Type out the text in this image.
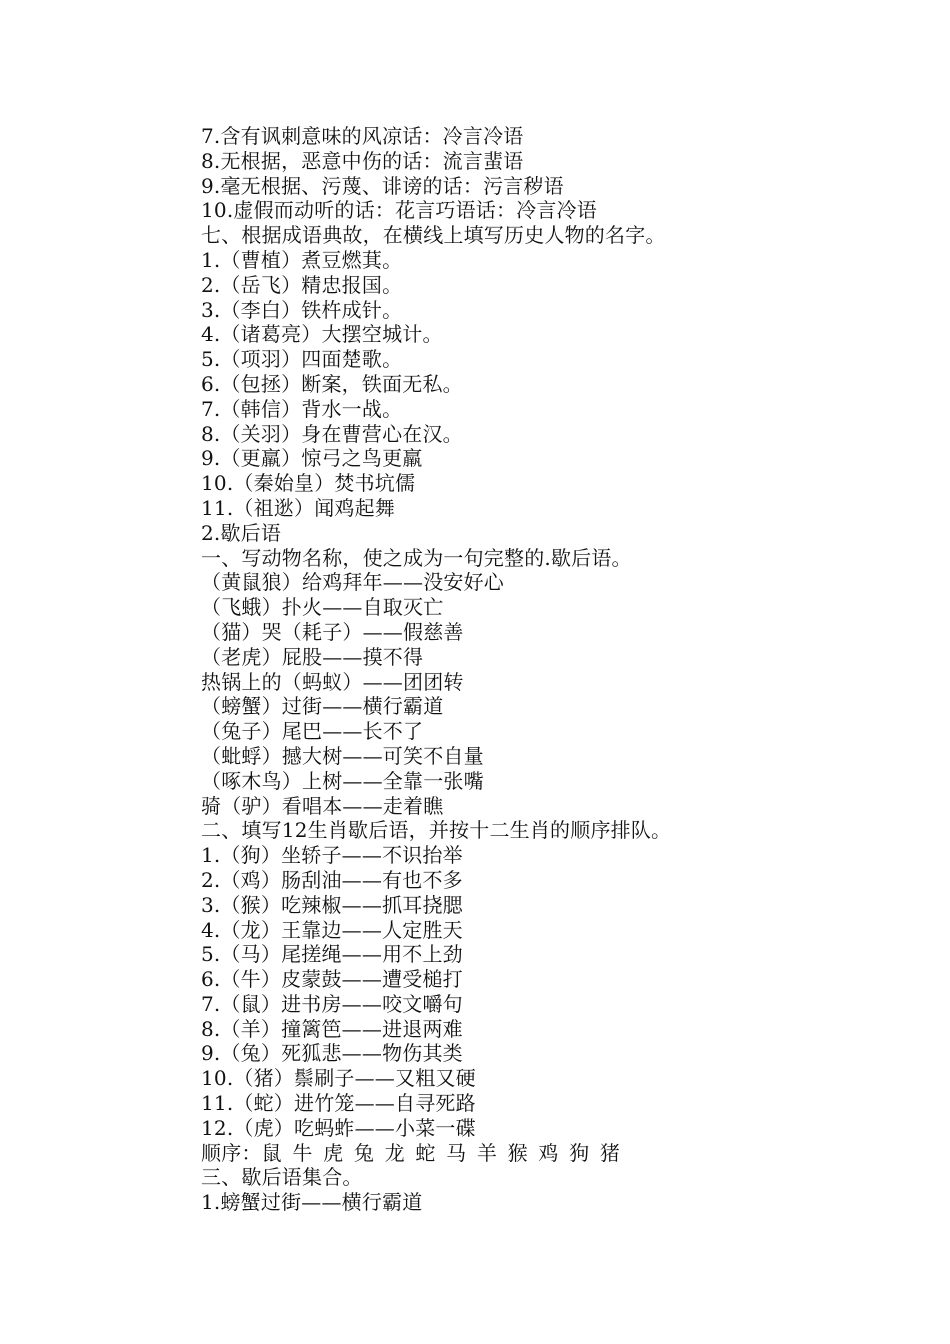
7.含有讽刺意味的风凉话：冷言冷语
8.无根据，恶意中伤的话：流言蜚语
9.毫无根据、污蔑、诽谤的话：污言秽语
10.虚假而动听的话：花言巧语话：冷言冷语
七、根据成语典故，在横线上填写历史人物的名字。
1.（曹植）煮豆燃萁。
2.（岳飞）精忠报国。
3.（李白）铁杵成针。
4.（诸葛亮）大摆空城计。
5.（项羽）四面楚歌。
6.（包拯）断案，铁面无私。
7.（韩信）背水一战。
8.（关羽）身在曹营心在汉。
9.（更羸）惊弓之鸟更羸
10.（秦始皇）焚书坑儒
11.（祖逖）闻鸡起舞
2.歇后语
一、写动物名称，使之成为一句完整的.歇后语。
（黄鼠狼）给鸡拜年——没安好心
（飞蛾）扑火——自取灭亡
（猫）哭（耗子）——假慈善
（老虎）屁股——摸不得
热锅上的（蚂蚁）——团团转
（螃蟹）过街——横行霸道
（兔子）尾巴——长不了
（蚍蜉）撼大树——可笑不自量
（啄木鸟）上树——全靠一张嘴
骑（驴）看唱本——走着瞧
二、填写12生肖歇后语，并按十二生肖的顺序排队。
1.（狗）坐轿子——不识抬举
2.（鸡）肠刮油——有也不多
3.（猴）吃辣椒——抓耳挠腮
4.（龙）王靠边——人定胜天
5.（马）尾搓绳——用不上劲
6.（牛）皮蒙鼓——遭受槌打
7.（鼠）进书房——咬文嚼句
8.（羊）撞篱笆——进退两难
9.（兔）死狐悲——物伤其类
10.（猪）鬃刷子——又粗又硬
11.（蛇）进竹笼——自寻死路
12.（虎）吃蚂蚱——小菜一碟
顺序：鼠 牛 虎 兔 龙 蛇 马 羊 猴 鸡 狗 猪
三、歇后语集合。
1.螃蟹过街——横行霸道
